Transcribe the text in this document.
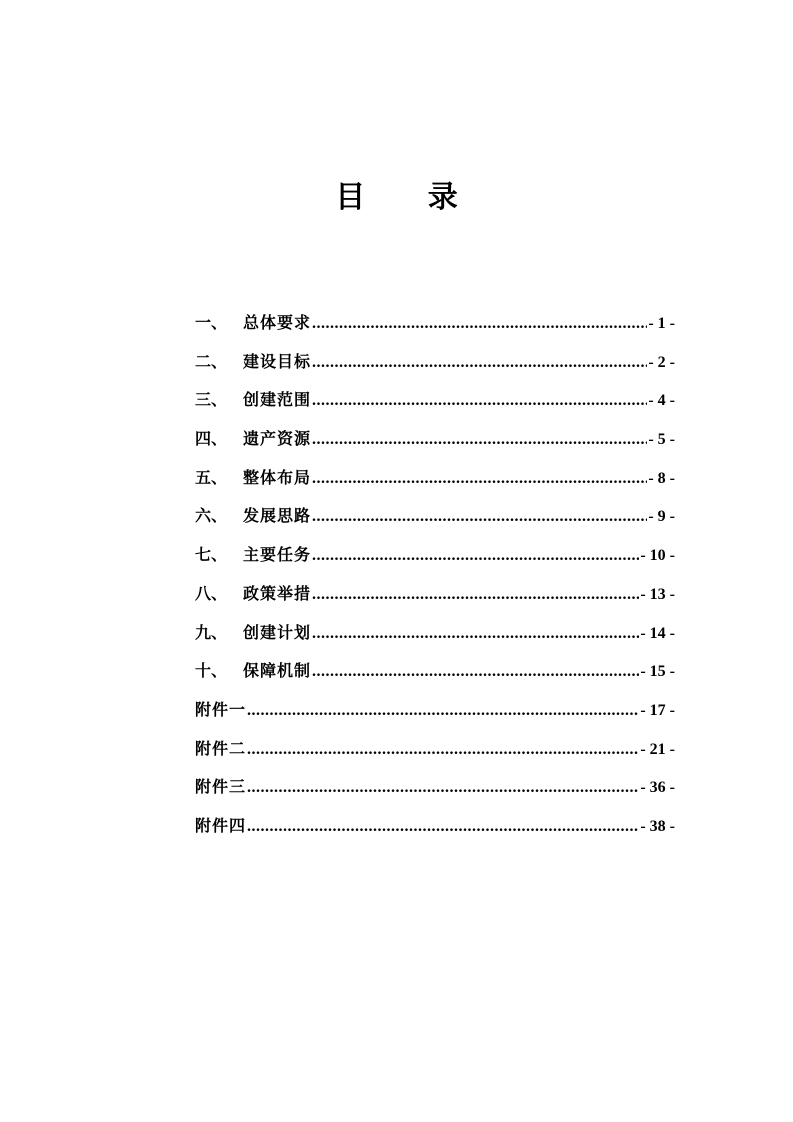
目 录
一、 总体要求 .....	- 1 -
二、 建设目标 .....	- 2 -
三、 创建范围 .....	- 4 -
四、 遗产资源 .....	- 5 -
五、 整体布局 .....	- 8 -
六、 发展思路 .....	- 9 -
七、 主要任务 .....	- 10 -
八、 政策举措 .....	- 13 -
九、 创建计划 .....	- 14 -
十、 保障机制 .....	- 15 -
附件一 .....	- 17 -
附件二 .....	- 21 -
附件三 .....	- 36 -
附件四 .....	- 38 -
